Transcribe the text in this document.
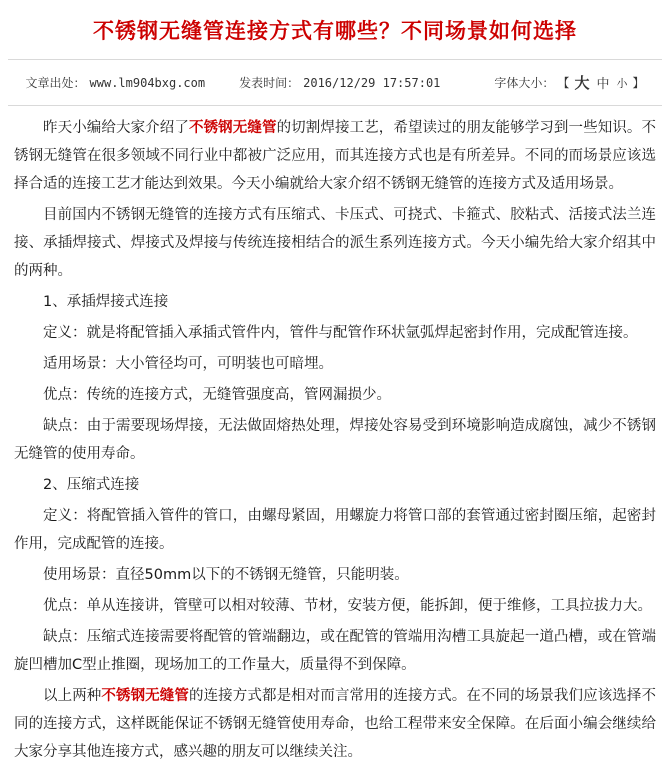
不锈钢无缝管连接方式有哪些？不同场景如何选择
文章出处： www.lm904bxg.com	发表时间： 2016/12/29 17:57:01	字体大小： 【 大 中 小 】

昨天小编给大家介绍了不锈钢无缝管的切割焊接工艺，希望读过的朋友能够学习到一些知识。不锈钢无缝管在很多领域不同行业中都被广泛应用，而其连接方式也是有所差异。不同的而场景应该选择合适的连接工艺才能达到效果。今天小编就给大家介绍不锈钢无缝管的连接方式及适用场景。

目前国内不锈钢无缝管的连接方式有压缩式、卡压式、可挠式、卡箍式、胶粘式、活接式法兰连接、承插焊接式、焊接式及焊接与传统连接相结合的派生系列连接方式。今天小编先给大家介绍其中的两种。

1、承插焊接式连接

定义：就是将配管插入承插式管件内，管件与配管作环状氩弧焊起密封作用，完成配管连接。

适用场景：大小管径均可，可明装也可暗埋。

优点：传统的连接方式，无缝管强度高，管网漏损少。

缺点：由于需要现场焊接，无法做固熔热处理，焊接处容易受到环境影响造成腐蚀，减少不锈钢无缝管的使用寿命。

2、压缩式连接

定义：将配管插入管件的管口，由螺母紧固，用螺旋力将管口部的套管通过密封圈压缩，起密封作用，完成配管的连接。

使用场景：直径50mm以下的不锈钢无缝管，只能明装。

优点：单从连接讲，管壁可以相对较薄、节材，安装方便，能拆卸，便于维修，工具拉拔力大。

缺点：压缩式连接需要将配管的管端翻边，或在配管的管端用沟槽工具旋起一道凸槽，或在管端旋凹槽加C型止推圈，现场加工的工作量大，质量得不到保障。

以上两种不锈钢无缝管的连接方式都是相对而言常用的连接方式。在不同的场景我们应该选择不同的连接方式，这样既能保证不锈钢无缝管使用寿命，也给工程带来安全保障。在后面小编会继续给大家分享其他连接方式，感兴趣的朋友可以继续关注。
